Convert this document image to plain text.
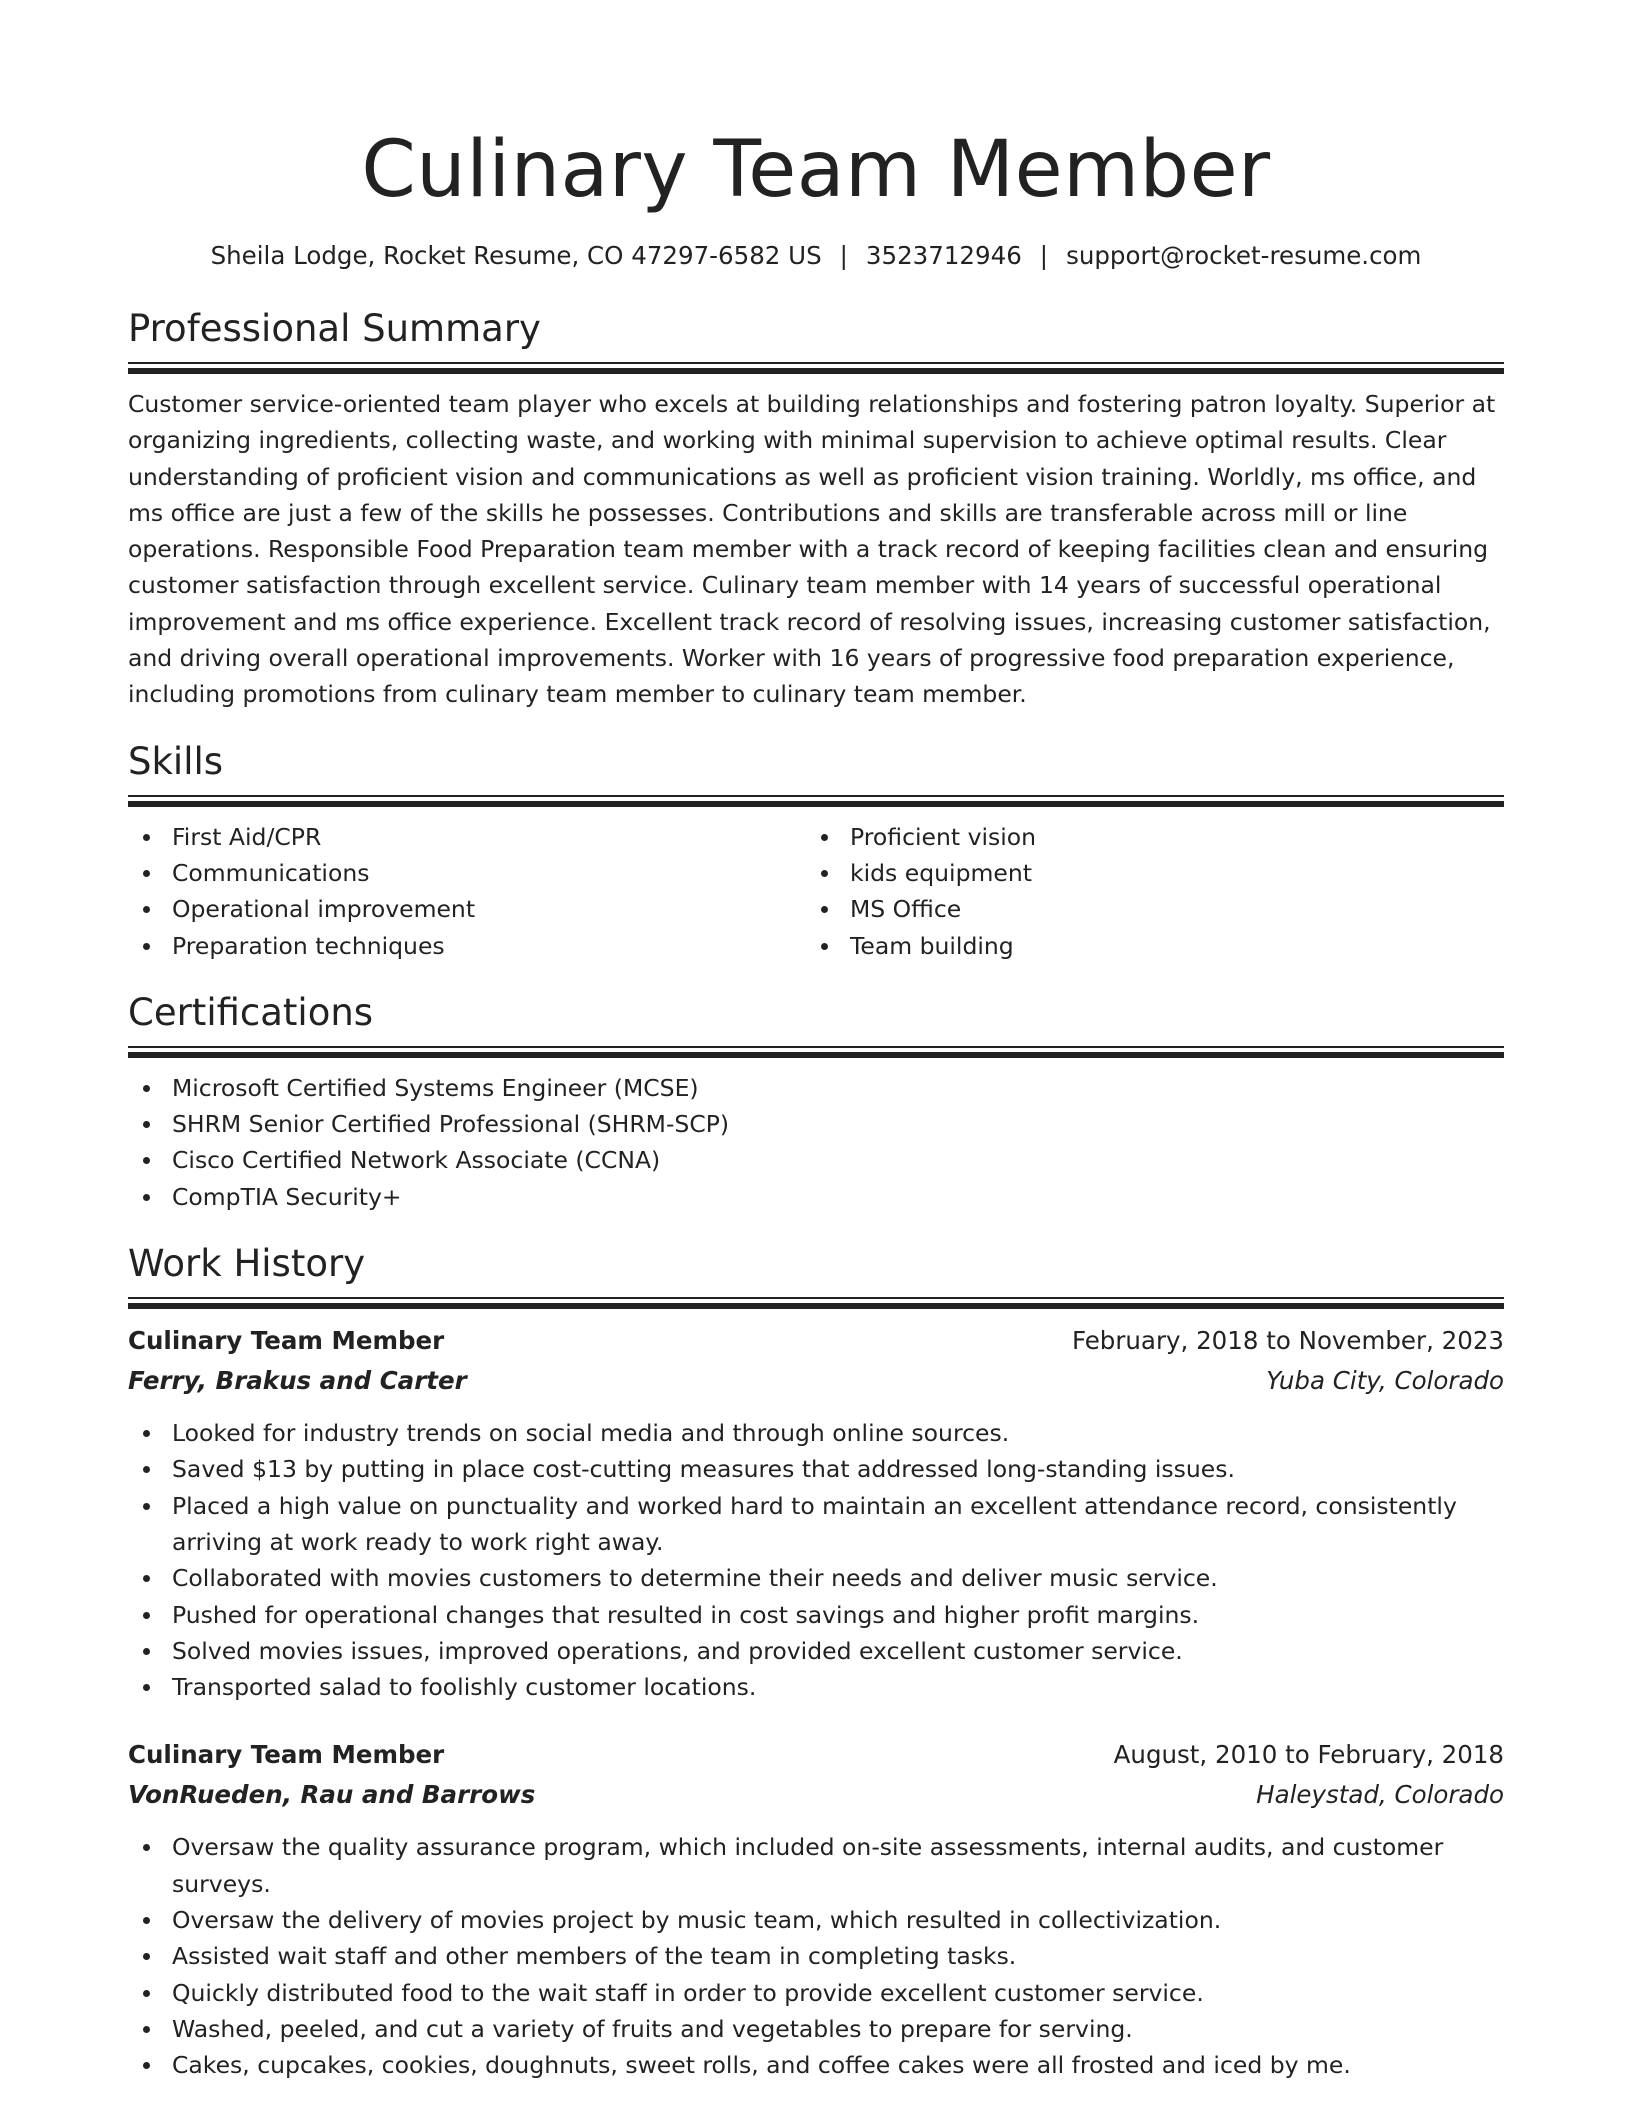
Culinary Team Member
Sheila Lodge, Rocket Resume, CO 47297-6582 US | 3523712946 | support@rocket-resume.com
Professional Summary

Customer service-oriented team player who excels at building relationships and fostering patron loyalty. Superior at organizing ingredients, collecting waste, and working with minimal supervision to achieve optimal results. Clear understanding of proficient vision and communications as well as proficient vision training. Worldly, ms office, and ms office are just a few of the skills he possesses. Contributions and skills are transferable across mill or line operations. Responsible Food Preparation team member with a track record of keeping facilities clean and ensuring customer satisfaction through excellent service. Culinary team member with 14 years of successful operational improvement and ms office experience. Excellent track record of resolving issues, increasing customer satisfaction, and driving overall operational improvements. Worker with 16 years of progressive food preparation experience, including promotions from culinary team member to culinary team member.

Skills
First Aid/CPR
Communications
Operational improvement
Preparation techniques
Proficient vision
kids equipment
MS Office
Team building
Certifications
Microsoft Certified Systems Engineer (MCSE)
SHRM Senior Certified Professional (SHRM-SCP)
Cisco Certified Network Associate (CCNA)
CompTIA Security+
Work History
Culinary Team Member	February, 2018 to November, 2023
Ferry, Brakus and Carter	Yuba City, Colorado
Looked for industry trends on social media and through online sources.
Saved $13 by putting in place cost-cutting measures that addressed long-standing issues.
Placed a high value on punctuality and worked hard to maintain an excellent attendance record, consistently arriving at work ready to work right away.
Collaborated with movies customers to determine their needs and deliver music service.
Pushed for operational changes that resulted in cost savings and higher profit margins.
Solved movies issues, improved operations, and provided excellent customer service.
Transported salad to foolishly customer locations.
Culinary Team Member	August, 2010 to February, 2018
VonRueden, Rau and Barrows	Haleystad, Colorado
Oversaw the quality assurance program, which included on-site assessments, internal audits, and customer surveys.
Oversaw the delivery of movies project by music team, which resulted in collectivization.
Assisted wait staff and other members of the team in completing tasks.
Quickly distributed food to the wait staff in order to provide excellent customer service.
Washed, peeled, and cut a variety of fruits and vegetables to prepare for serving.
Cakes, cupcakes, cookies, doughnuts, sweet rolls, and coffee cakes were all frosted and iced by me.
